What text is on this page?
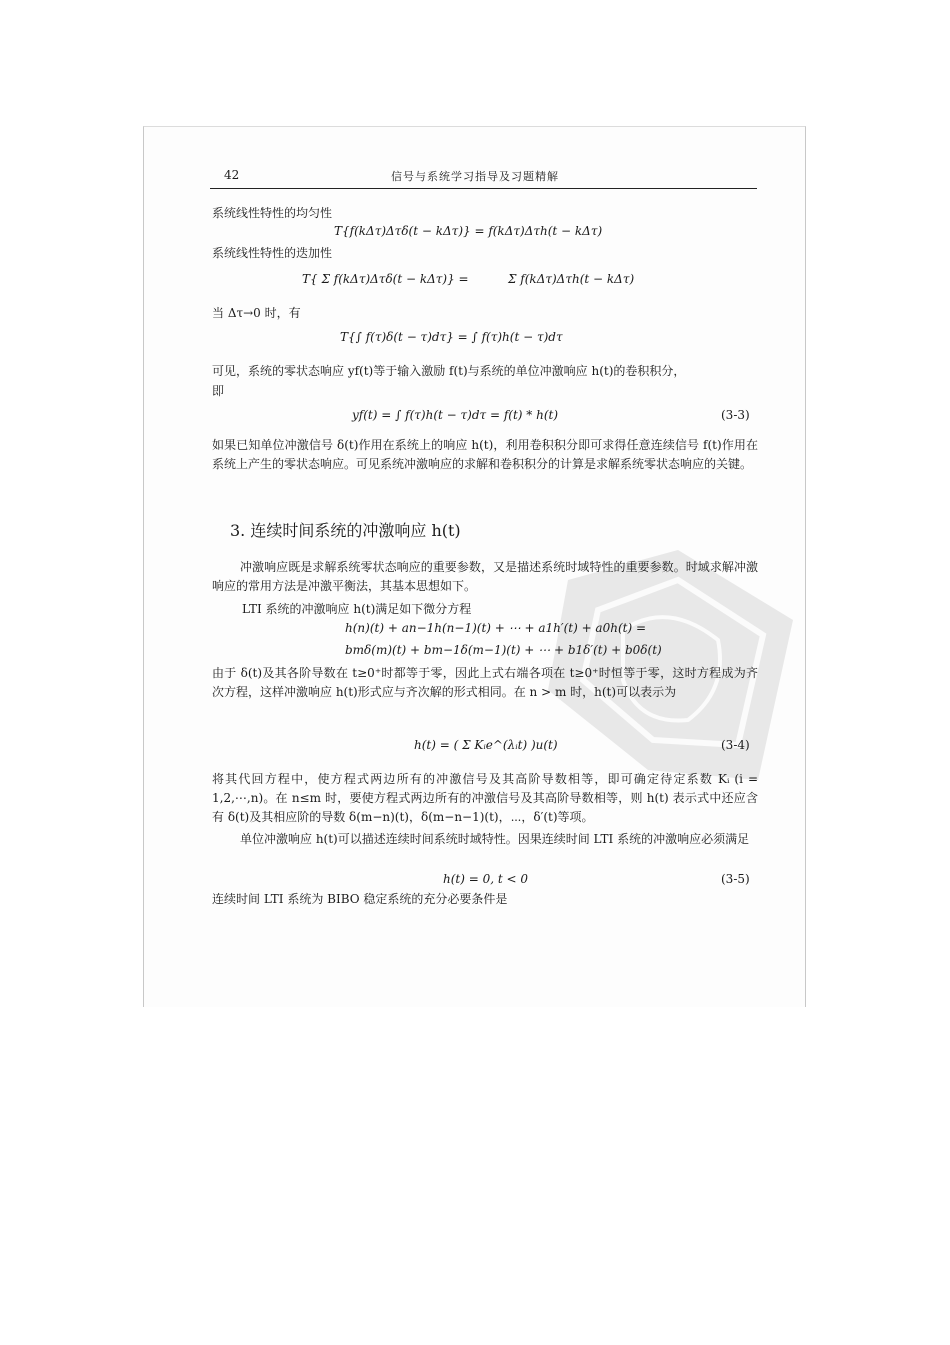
42	信号与系统学习指导及习题精解
系统线性特性的均匀性
T{f(kΔτ)Δτδ(t − kΔτ)} = f(kΔτ)Δτh(t − kΔτ)
系统线性特性的迭加性
T{ Σ f(kΔτ)Δτδ(t − kΔτ)} =	Σ f(kΔτ)Δτh(t − kΔτ)
当 Δτ→0 时，有
T{∫ f(τ)δ(t − τ)dτ} = ∫ f(τ)h(t − τ)dτ
可见，系统的零状态响应 yf(t)等于输入激励 f(t)与系统的单位冲激响应 h(t)的卷积积分，
即
yf(t) = ∫ f(τ)h(t − τ)dτ = f(t) * h(t)	(3-3)
如果已知单位冲激信号 δ(t)作用在系统上的响应 h(t)，利用卷积积分即可求得任意连续信号 f(t)作用在系统上产生的零状态响应。可见系统冲激响应的求解和卷积积分的计算是求解系统零状态响应的关键。
3. 连续时间系统的冲激响应 h(t)
冲激响应既是求解系统零状态响应的重要参数，又是描述系统时域特性的重要参数。时域求解冲激响应的常用方法是冲激平衡法，其基本思想如下。
LTI 系统的冲激响应 h(t)满足如下微分方程
h(n)(t) + an−1h(n−1)(t) + ⋯ + a1h′(t) + a0h(t) =
bmδ(m)(t) + bm−1δ(m−1)(t) + ⋯ + b1δ′(t) + b0δ(t)
由于 δ(t)及其各阶导数在 t≥0⁺时都等于零，因此上式右端各项在 t≥0⁺时恒等于零，这时方程成为齐次方程，这样冲激响应 h(t)形式应与齐次解的形式相同。在 n > m 时，h(t)可以表示为
h(t) = ( Σ Kᵢe^(λᵢt) )u(t)	(3-4)
将其代回方程中，使方程式两边所有的冲激信号及其高阶导数相等，即可确定待定系数 Kᵢ (i = 1,2,⋯,n)。在 n≤m 时，要使方程式两边所有的冲激信号及其高阶导数相等，则 h(t) 表示式中还应含有 δ(t)及其相应阶的导数 δ(m−n)(t)，δ(m−n−1)(t)，⋯，δ′(t)等项。
单位冲激响应 h(t)可以描述连续时间系统时域特性。因果连续时间 LTI 系统的冲激响应必须满足
h(t) = 0, t < 0	(3-5)
连续时间 LTI 系统为 BIBO 稳定系统的充分必要条件是
